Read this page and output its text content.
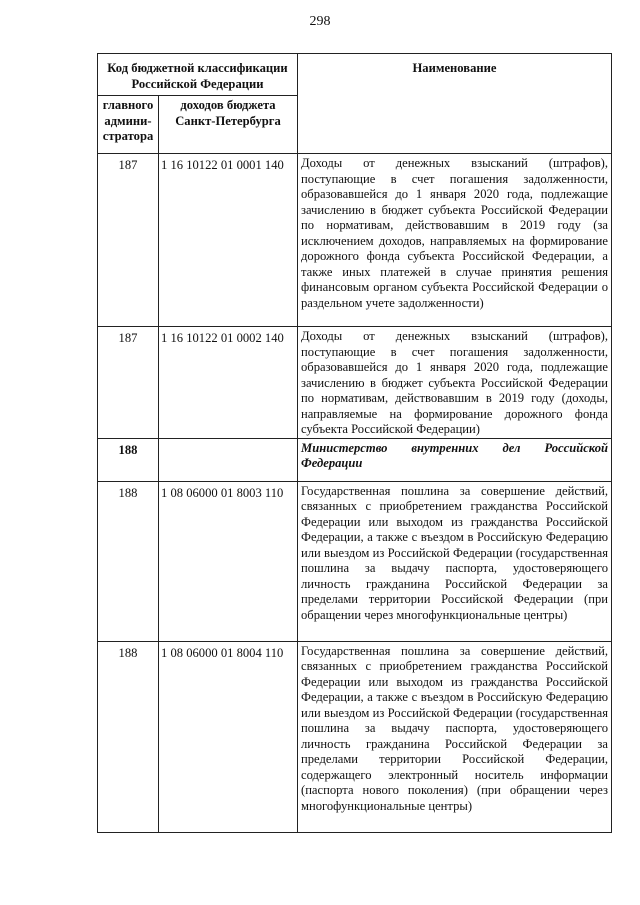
298
Код бюджетной классификации Российской Федерации		Наименование
главного админи-стратора	доходов бюджета Санкт-Петербурга	
187	1 16 10122 01 0001 140	Доходы от денежных взысканий (штрафов), поступающие в счет погашения задолженности, образовавшейся до 1 января 2020 года, подлежащие зачислению в бюджет субъекта Российской Федерации по нормативам, действовавшим в 2019 году (за исключением доходов, направляемых на формирование дорожного фонда субъекта Российской Федерации, а также иных платежей в случае принятия решения финансовым органом субъекта Российской Федерации о раздельном учете задолженности)
187	1 16 10122 01 0002 140	Доходы от денежных взысканий (штрафов), поступающие в счет погашения задолженности, образовавшейся до 1 января 2020 года, подлежащие зачислению в бюджет субъекта Российской Федерации по нормативам, действовавшим в 2019 году (доходы, направляемые на формирование дорожного фонда субъекта Российской Федерации)
188		Министерство внутренних дел Российской Федерации
188	1 08 06000 01 8003 110	Государственная пошлина за совершение действий, связанных с приобретением гражданства Российской Федерации или выходом из гражданства Российской Федерации, а также с въездом в Российскую Федерацию или выездом из Российской Федерации (государственная пошлина за выдачу паспорта, удостоверяющего личность гражданина Российской Федерации за пределами территории Российской Федерации (при обращении через многофункциональные центры)
188	1 08 06000 01 8004 110	Государственная пошлина за совершение действий, связанных с приобретением гражданства Российской Федерации или выходом из гражданства Российской Федерации, а также с въездом в Российскую Федерацию или выездом из Российской Федерации (государственная пошлина за выдачу паспорта, удостоверяющего личность гражданина Российской Федерации за пределами территории Российской Федерации, содержащего электронный носитель информации (паспорта нового поколения) (при обращении через многофункциональные центры)
